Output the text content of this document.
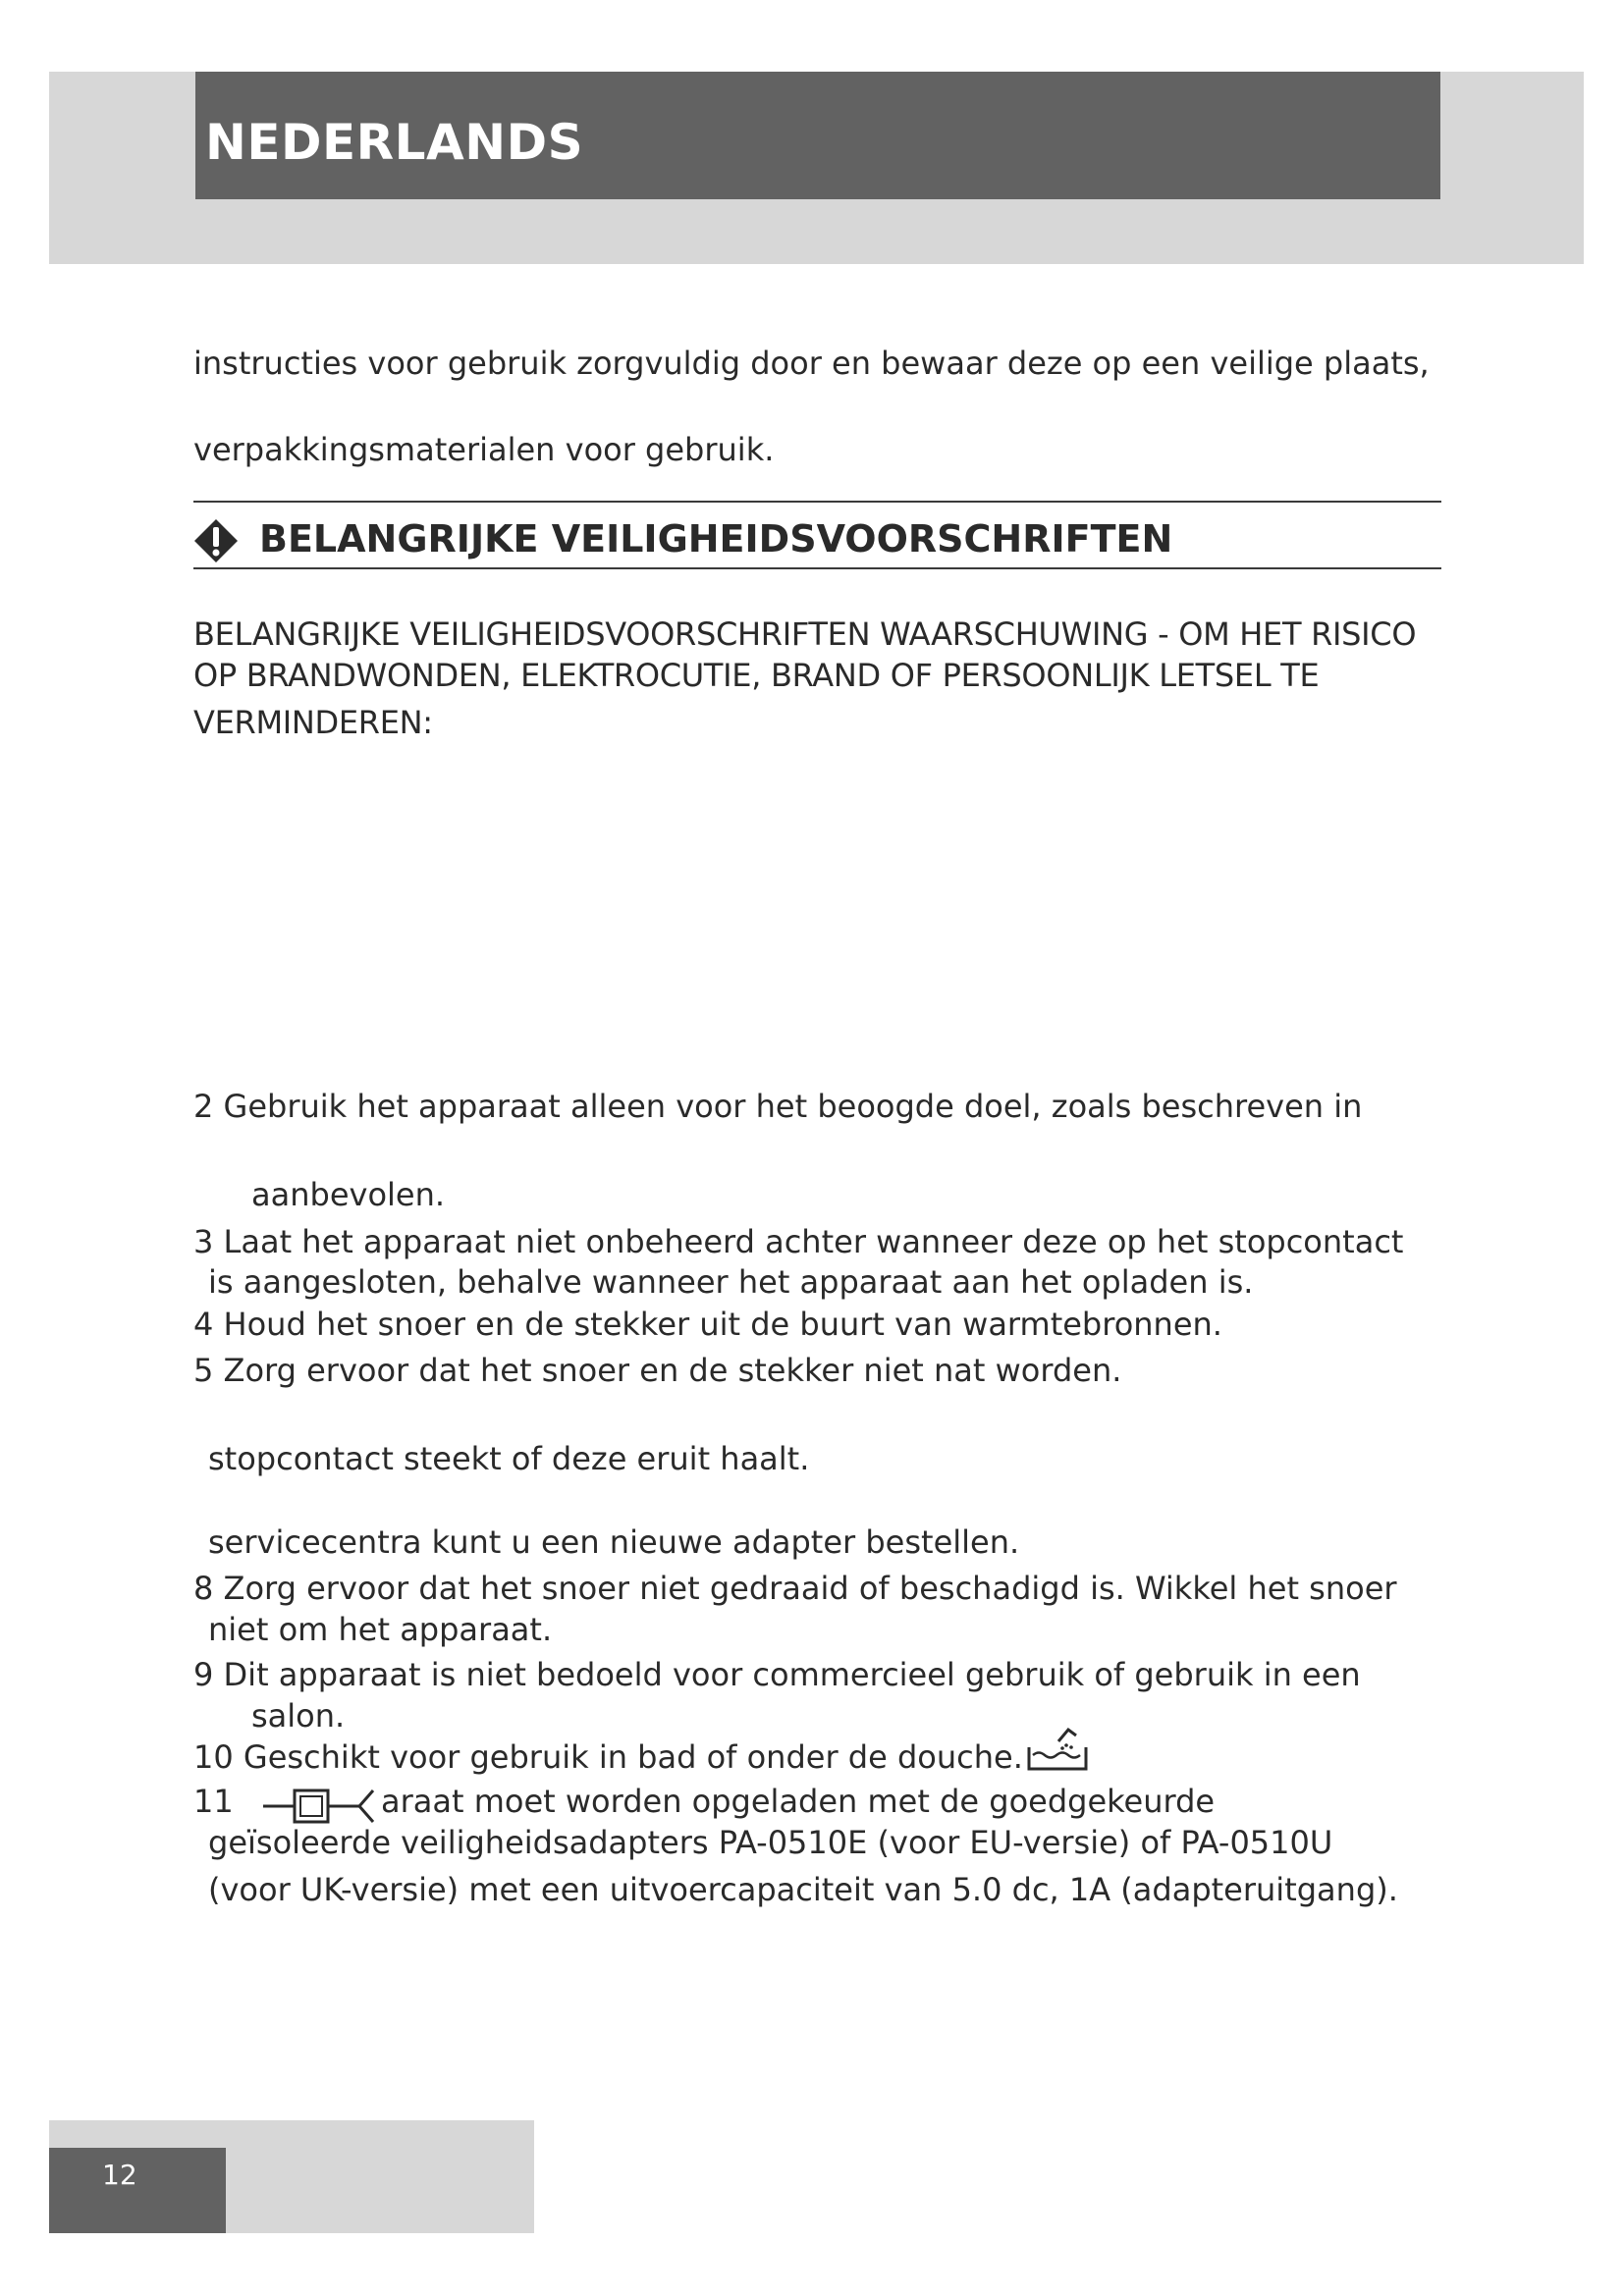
NEDERLANDS
instructies voor gebruik zorgvuldig door en bewaar deze op een veilige plaats,
verpakkingsmaterialen voor gebruik.
BELANGRIJKE VEILIGHEIDSVOORSCHRIFTEN
BELANGRIJKE VEILIGHEIDSVOORSCHRIFTEN WAARSCHUWING - OM HET RISICO
OP BRANDWONDEN, ELEKTROCUTIE, BRAND OF PERSOONLIJK LETSEL TE
VERMINDEREN:
2 Gebruik het apparaat alleen voor het beoogde doel, zoals beschreven in
aanbevolen.
3 Laat het apparaat niet onbeheerd achter wanneer deze op het stopcontact
is aangesloten, behalve wanneer het apparaat aan het opladen is.
4 Houd het snoer en de stekker uit de buurt van warmtebronnen.
5 Zorg ervoor dat het snoer en de stekker niet nat worden.
stopcontact steekt of deze eruit haalt.
servicecentra kunt u een nieuwe adapter bestellen.
8 Zorg ervoor dat het snoer niet gedraaid of beschadigd is. Wikkel het snoer
niet om het apparaat.
9 Dit apparaat is niet bedoeld voor commercieel gebruik of gebruik in een
salon.
10 Geschikt voor gebruik in bad of onder de douche.
11	araat moet worden opgeladen met de goedgekeurde
geïsoleerde veiligheidsadapters PA-0510E (voor EU-versie) of PA-0510U
(voor UK-versie) met een uitvoercapaciteit van 5.0 dc, 1A (adapteruitgang).
12
